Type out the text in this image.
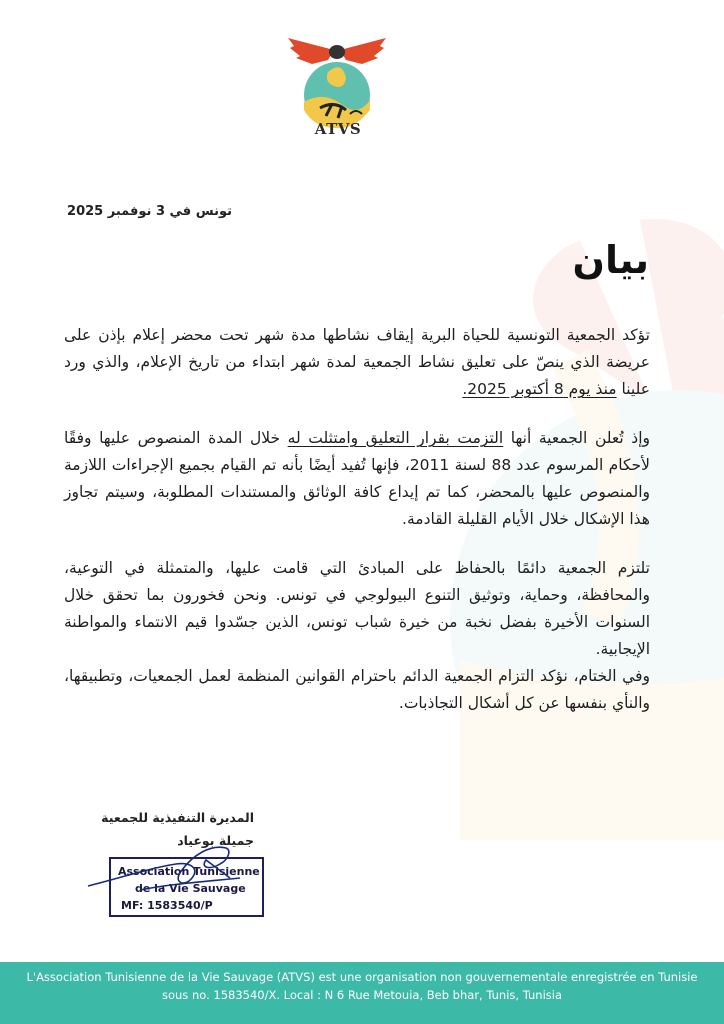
ATVS
تونس في 3 نوفمبر 2025
بيان

تؤكد الجمعية التونسية للحياة البرية إيقاف نشاطها مدة شهر تحت محضر إعلام بإذن على عريضة الذي ينصّ على تعليق نشاط الجمعية لمدة شهر ابتداء من تاريخ الإعلام، والذي ورد علينا منذ يوم 8 أكتوبر 2025.

وإذ تُعلن الجمعية أنها التزمت بقرار التعليق وامتثلت له خلال المدة المنصوص عليها وفقًا لأحكام المرسوم عدد 88 لسنة 2011، فإنها تُفيد أيضًا بأنه تم القيام بجميع الإجراءات اللازمة والمنصوص عليها بالمحضر، كما تم إيداع كافة الوثائق والمستندات المطلوبة، وسيتم تجاوز هذا الإشكال خلال الأيام القليلة القادمة.

تلتزم الجمعية دائمًا بالحفاظ على المبادئ التي قامت عليها، والمتمثلة في التوعية، والمحافظة، وحماية، وتوثيق التنوع البيولوجي في تونس. ونحن فخورون بما تحقق خلال السنوات الأخيرة بفضل نخبة من خيرة شباب تونس، الذين جسّدوا قيم الانتماء والمواطنة الإيجابية.

وفي الختام، نؤكد التزام الجمعية الدائم باحترام القوانين المنظمة لعمل الجمعيات، وتطبيقها، والنأي بنفسها عن كل أشكال التجاذبات.

المديرة التنفيذية للجمعية
جميلة بوعياد
Association Tunisienne
de la Vie Sauvage
MF: 1583540/P
L'Association Tunisienne de la Vie Sauvage (ATVS) est une organisation non gouvernementale enregistrée en Tunisie
sous no. 1583540/X. Local : N 6 Rue Metouia, Beb bhar, Tunis, Tunisia
